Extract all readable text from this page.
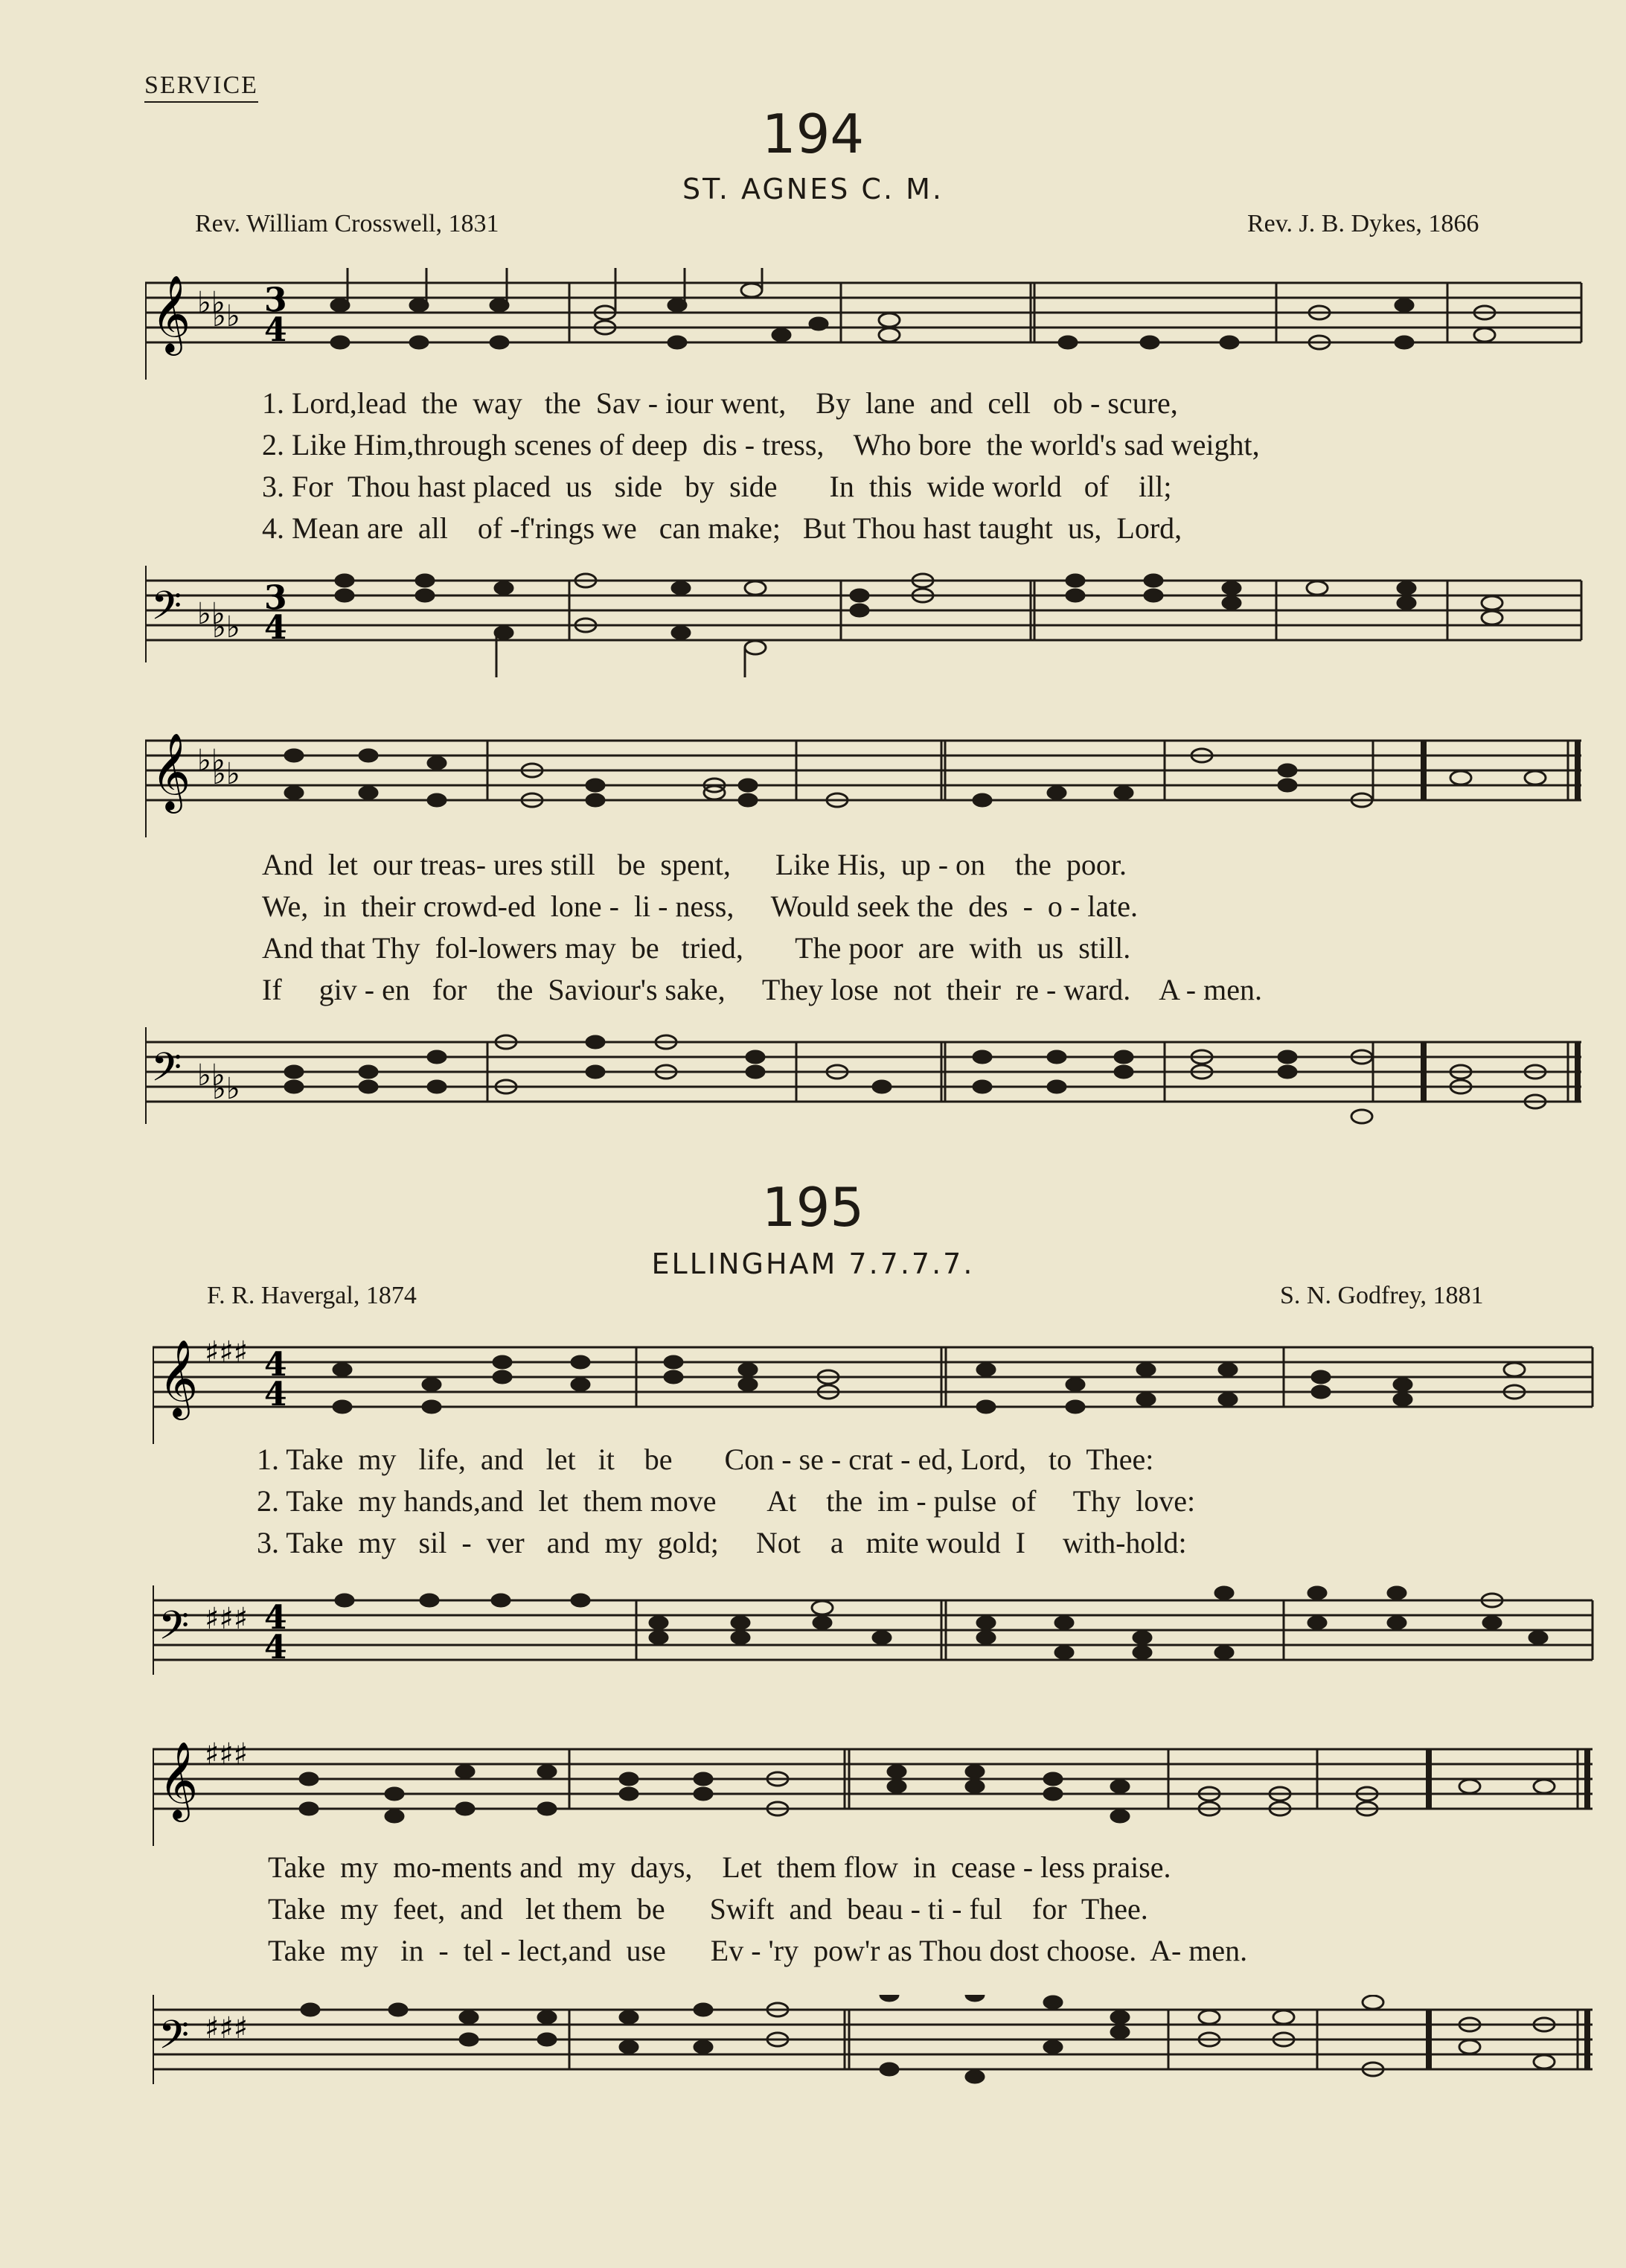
SERVICE
194
ST. AGNES C. M.
Rev. William Crosswell, 1831	Rev. J. B. Dykes, 1866
𝄞 ♭♭
♭♭ 3
4
1. Lord,lead  the  way   the  Sav - iour went,    By  lane  and  cell   ob - scure,
2. Like Him,through scenes of deep  dis - tress,    Who bore  the world's sad weight,
3. For  Thou hast placed  us   side   by  side       In  this  wide world   of    ill;
4. Mean are  all    of -f'rings we   can make;   But Thou hast taught  us,  Lord,
𝄢 ♭♭
♭♭
3
4
𝄞 ♭♭
♭♭
And  let  our treas- ures still   be  spent,      Like His,  up - on    the  poor.
We,  in  their crowd-ed  lone -  li - ness,     Would seek the  des  -  o - late.
And that Thy  fol-lowers may  be   tried,       The poor  are  with  us  still.
If     giv - en   for    the  Saviour's sake,     They lose  not  their  re - ward.    A - men.
𝄢 ♭♭
♭♭
195
ELLINGHAM 7.7.7.7.
F. R. Havergal, 1874	S. N. Godfrey, 1881
𝄞 ♯♯♯ 4
4
1. Take  my   life,  and   let   it    be       Con - se - crat - ed, Lord,   to  Thee:
2. Take  my hands,and  let  them move       At    the  im - pulse  of     Thy  love:
3. Take  my   sil  -  ver   and  my  gold;     Not    a   mite would  I     with-hold:
𝄢 ♯♯♯ 4
4
𝄞 ♯♯♯
Take  my  mo-ments and  my  days,    Let  them flow  in  cease - less praise.
Take  my  feet,  and   let them  be      Swift  and  beau - ti - ful    for  Thee.
Take  my   in  -  tel - lect,and  use      Ev - 'ry  pow'r as Thou dost choose.  A- men.
𝄢 ♯♯♯
